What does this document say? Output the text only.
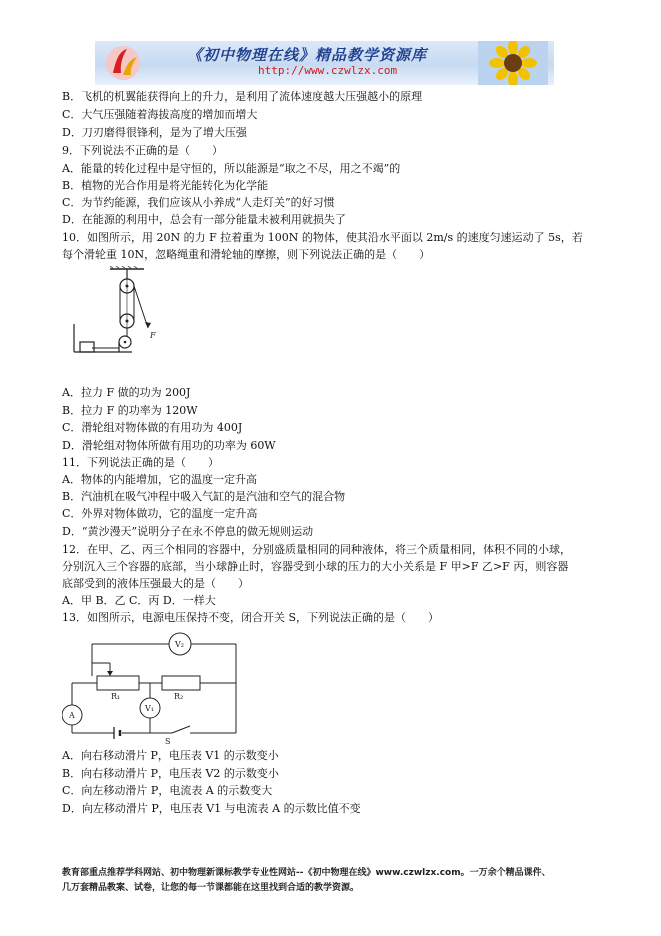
《初中物理在线》精品教学资源库
http://www.czwlzx.com
B．飞机的机翼能获得向上的升力，是利用了流体速度越大压强越小的原理
C．大气压强随着海拔高度的增加而增大
D．刀刃磨得很锋利，是为了增大压强
9．下列说法不正确的是（　　）
A．能量的转化过程中是守恒的，所以能源是“取之不尽，用之不竭”的
B．植物的光合作用是将光能转化为化学能
C．为节约能源，我们应该从小养成“人走灯关”的好习惯
D．在能源的利用中，总会有一部分能量未被利用就损失了
10．如图所示，用 20N 的力 F 拉着重为 100N 的物体，使其沿水平面以 2m/s 的速度匀速运动了 5s，若
每个滑轮重 10N，忽略绳重和滑轮轴的摩擦，则下列说法正确的是（　　）
A．拉力 F 做的功为 200J
B．拉力 F 的功率为 120W
C．滑轮组对物体做的有用功为 400J
D．滑轮组对物体所做有用功的功率为 60W
11．下列说法正确的是（　　）
A．物体的内能增加，它的温度一定升高
B．汽油机在吸气冲程中吸入气缸的是汽油和空气的混合物
C．外界对物体做功，它的温度一定升高
D．“黄沙漫天”说明分子在永不停息的做无规则运动
12．在甲、乙、丙三个相同的容器中，分别盛质量相同的同种液体，将三个质量相同，体积不同的小球，
分别沉入三个容器的底部，当小球静止时，容器受到小球的压力的大小关系是 F 甲>F 乙>F 丙，则容器
底部受到的液体压强最大的是（　　）
A．甲 B．乙 C．丙 D．一样大
13．如图所示，电源电压保持不变，闭合开关 S，下列说法正确的是（　　）
A．向右移动滑片 P，电压表 V1 的示数变小
B．向右移动滑片 P，电压表 V2 的示数变小
C．向左移动滑片 P，电流表 A 的示数变大
D．向左移动滑片 P，电压表 V1 与电流表 A 的示数比值不变
F
V₂
V₁
A
R₁	R₂
S
教育部重点推荐学科网站、初中物理新课标教学专业性网站--《初中物理在线》www.czwlzx.com。一万余个精品课件、
几万套精品教案、试卷，让您的每一节课都能在这里找到合适的教学资源。
